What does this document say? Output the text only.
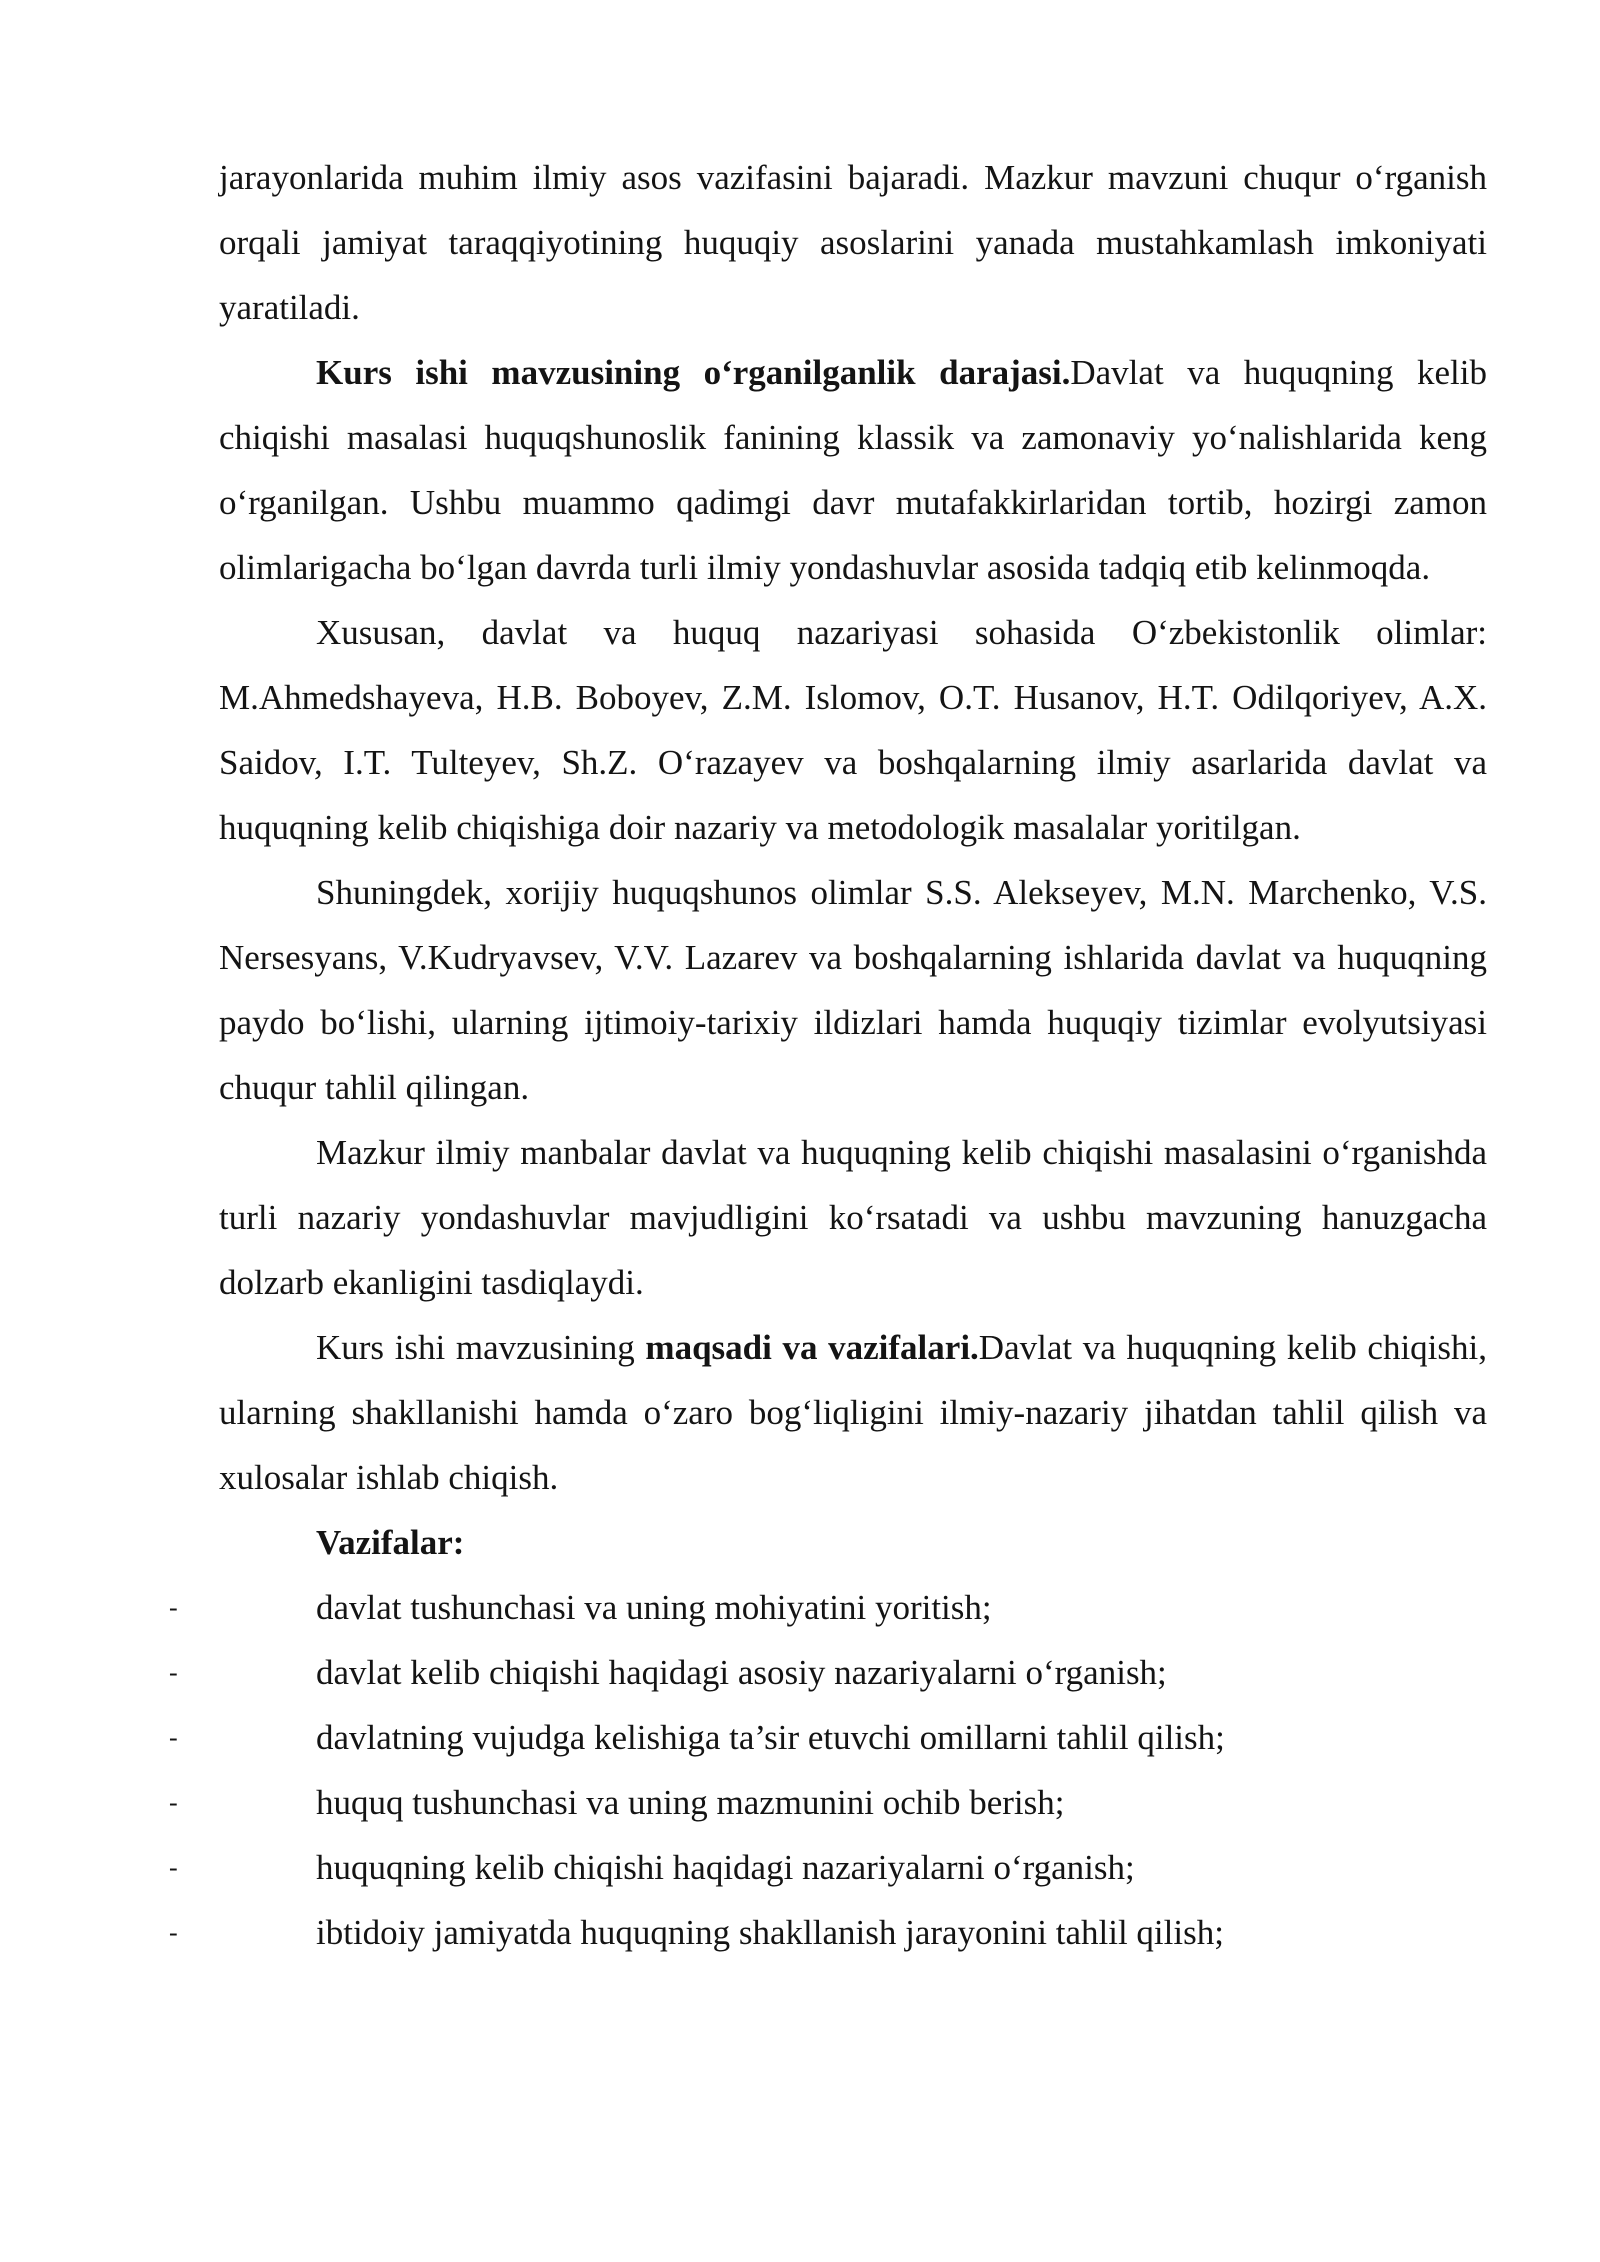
jarayonlarida muhim ilmiy asos vazifasini bajaradi. Mazkur mavzuni chuqur o‘rganish orqali jamiyat taraqqiyotining huquqiy asoslarini yanada mustahkamlash imkoniyati yaratiladi.

Kurs ishi mavzusining o‘rganilganlik darajasi.Davlat va huquqning kelib chiqishi masalasi huquqshunoslik fanining klassik va zamonaviy yo‘nalishlarida keng o‘rganilgan. Ushbu muammo qadimgi davr mutafakkirlaridan tortib, hozirgi zamon olimlarigacha bo‘lgan davrda turli ilmiy yondashuvlar asosida tadqiq etib kelinmoqda.

Xususan, davlat va huquq nazariyasi sohasida O‘zbekistonlik olimlar: M.Ahmedshayeva, H.B. Boboyev, Z.M. Islomov, O.T. Husanov, H.T. Odilqoriyev, A.X. Saidov, I.T. Tulteyev, Sh.Z. O‘razayev va boshqalarning ilmiy asarlarida davlat va huquqning kelib chiqishiga doir nazariy va metodologik masalalar yoritilgan.

Shuningdek, xorijiy huquqshunos olimlar S.S. Alekseyev, M.N. Marchenko, V.S. Nersesyans, V.Kudryavsev, V.V. Lazarev va boshqalarning ishlarida davlat va huquqning paydo bo‘lishi, ularning ijtimoiy-tarixiy ildizlari hamda huquqiy tizimlar evolyutsiyasi chuqur tahlil qilingan.

Mazkur ilmiy manbalar davlat va huquqning kelib chiqishi masalasini o‘rganishda turli nazariy yondashuvlar mavjudligini ko‘rsatadi va ushbu mavzuning hanuzgacha dolzarb ekanligini tasdiqlaydi.

Kurs ishi mavzusining maqsadi va vazifalari.Davlat va huquqning kelib chiqishi, ularning shakllanishi hamda o‘zaro bog‘liqligini ilmiy-nazariy jihatdan tahlil qilish va xulosalar ishlab chiqish.

Vazifalar:

-	davlat tushunchasi va uning mohiyatini yoritish;
-	davlat kelib chiqishi haqidagi asosiy nazariyalarni o‘rganish;
-	davlatning vujudga kelishiga ta’sir etuvchi omillarni tahlil qilish;
-	huquq tushunchasi va uning mazmunini ochib berish;
-	huquqning kelib chiqishi haqidagi nazariyalarni o‘rganish;
-	ibtidoiy jamiyatda huquqning shakllanish jarayonini tahlil qilish;
